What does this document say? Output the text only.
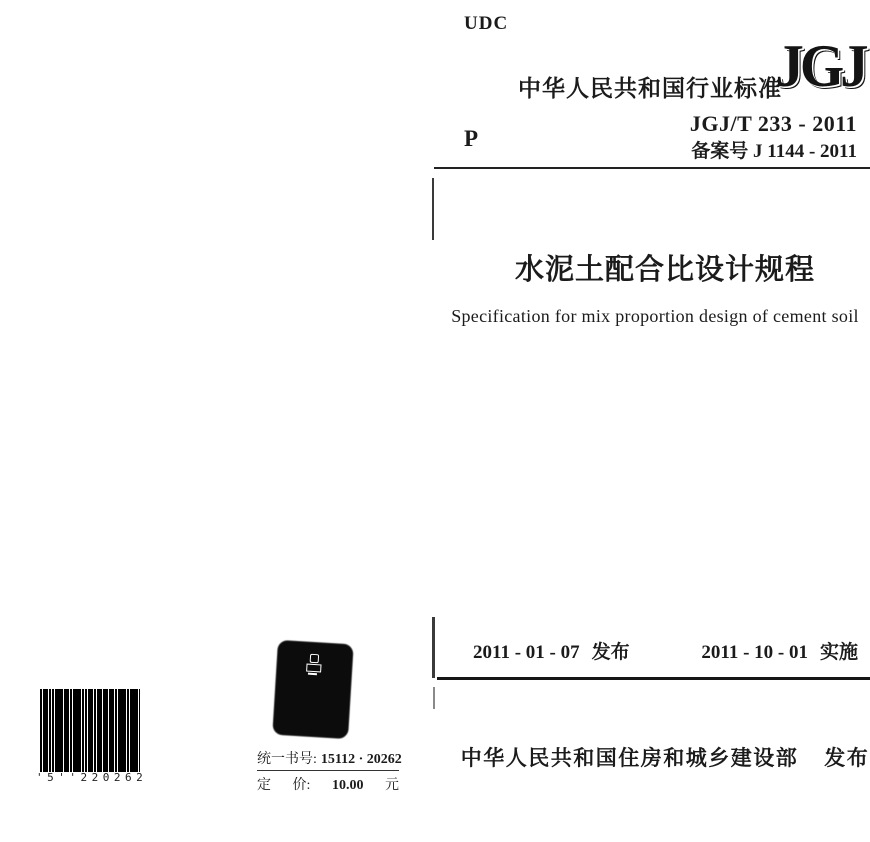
UDC
中华人民共和国行业标准
JGJ
JGJ/T 233 - 2011
备案号 J 1144 - 2011
P
水泥土配合比设计规程
Specification for mix proportion design of cement soil
2011 - 01 - 07 发布	2011 - 10 - 01 实施
中华人民共和国住房和城乡建设部 发布
'5''220262
统一书号: 15112 · 20262
定 价: 10.00 元
